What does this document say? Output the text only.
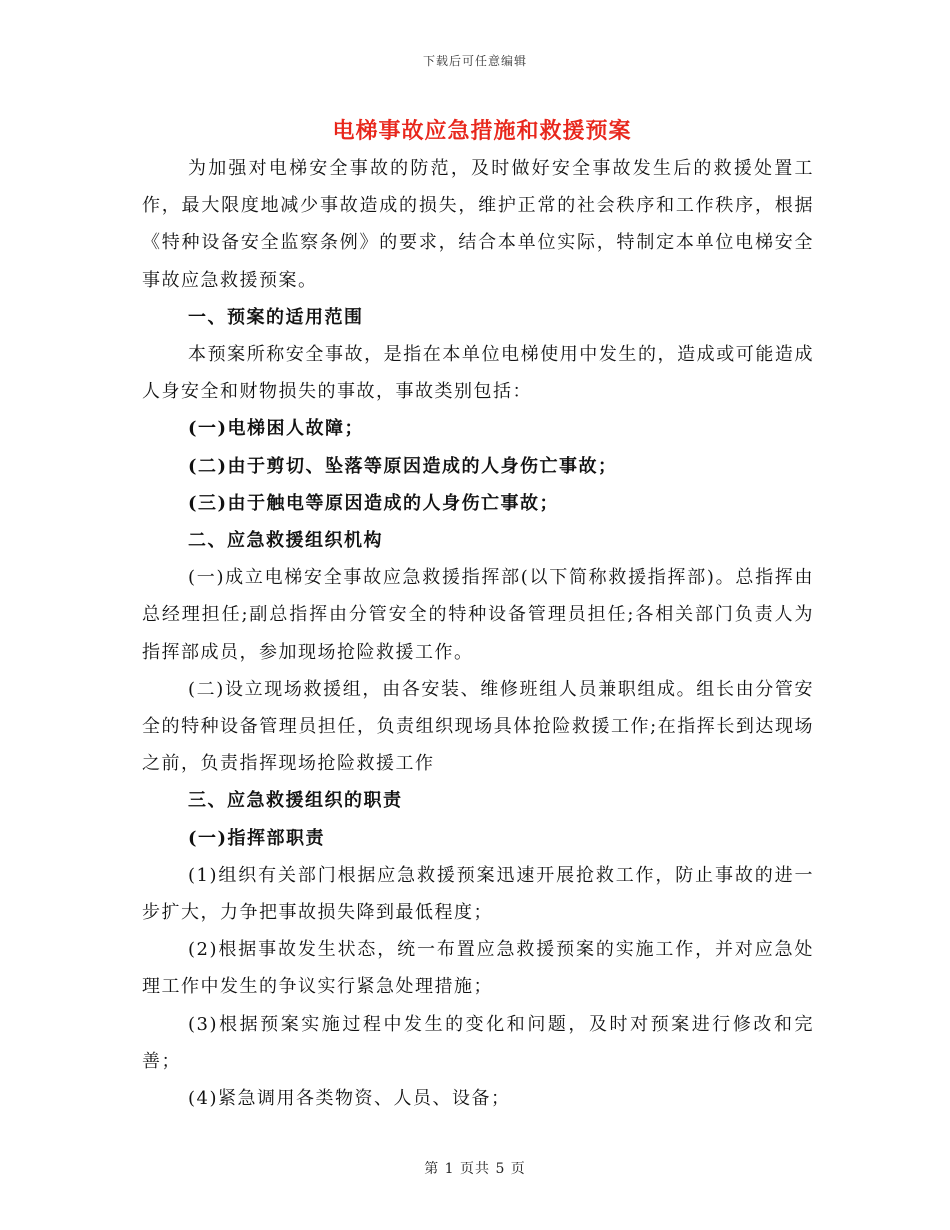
下载后可任意编辑
电梯事故应急措施和救援预案

为加强对电梯安全事故的防范，及时做好安全事故发生后的救援处置工作，最大限度地减少事故造成的损失，维护正常的社会秩序和工作秩序，根据《特种设备安全监察条例》的要求，结合本单位实际，特制定本单位电梯安全事故应急救援预案。

一、预案的适用范围

本预案所称安全事故，是指在本单位电梯使用中发生的，造成或可能造成人身安全和财物损失的事故，事故类别包括：

(一)电梯困人故障；

(二)由于剪切、坠落等原因造成的人身伤亡事故；

(三)由于触电等原因造成的人身伤亡事故；

二、应急救援组织机构

(一)成立电梯安全事故应急救援指挥部(以下简称救援指挥部)。总指挥由总经理担任;副总指挥由分管安全的特种设备管理员担任;各相关部门负责人为指挥部成员，参加现场抢险救援工作。

(二)设立现场救援组，由各安装、维修班组人员兼职组成。组长由分管安全的特种设备管理员担任，负责组织现场具体抢险救援工作;在指挥长到达现场之前，负责指挥现场抢险救援工作

三、应急救援组织的职责

(一)指挥部职责

(1)组织有关部门根据应急救援预案迅速开展抢救工作，防止事故的进一步扩大，力争把事故损失降到最低程度；

(2)根据事故发生状态，统一布置应急救援预案的实施工作，并对应急处理工作中发生的争议实行紧急处理措施；

(3)根据预案实施过程中发生的变化和问题，及时对预案进行修改和完善；

(4)紧急调用各类物资、人员、设备；

第 1 页共 5 页
